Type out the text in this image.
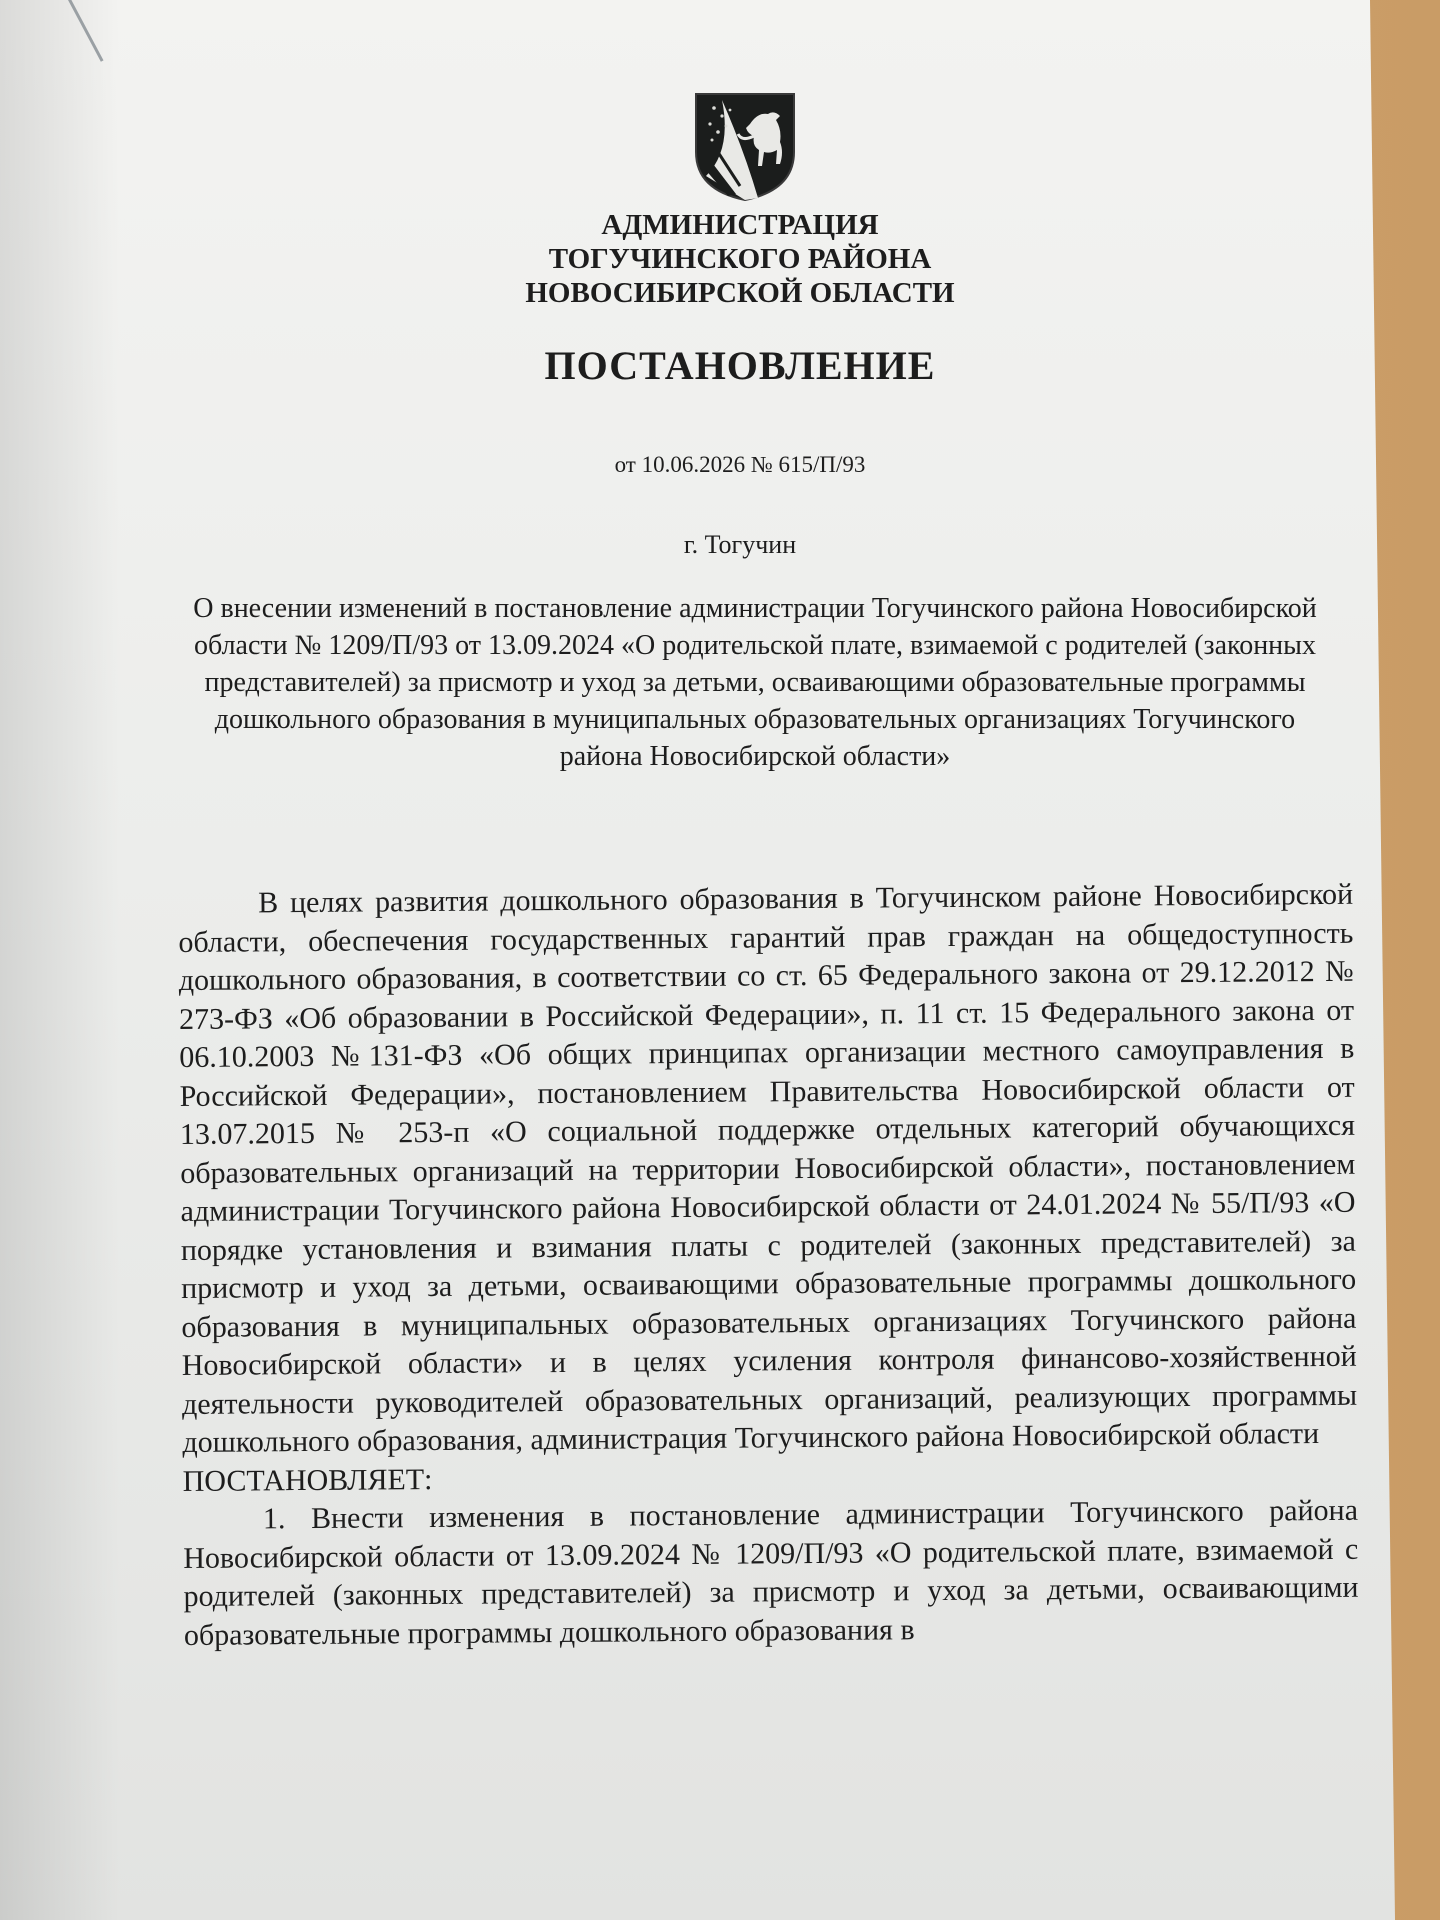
АДМИНИСТРАЦИЯ
ТОГУЧИНСКОГО РАЙОНА
НОВОСИБИРСКОЙ ОБЛАСТИ
ПОСТАНОВЛЕНИЕ
от 10.06.2026 № 615/П/93
г. Тогучин
О внесении изменений в постановление администрации Тогучинского района Новосибирской области № 1209/П/93 от 13.09.2024 «О родительской плате, взимаемой с родителей (законных представителей) за присмотр и уход за детьми, осваивающими образовательные программы дошкольного образования в муниципальных образовательных организациях Тогучинского района Новосибирской области»

В целях развития дошкольного образования в Тогучинском районе Новосибирской области, обеспечения государственных гарантий прав граждан на общедоступность дошкольного образования, в соответствии со ст. 65 Федерального закона от 29.12.2012 № 273-ФЗ «Об образовании в Российской Федерации», п. 11 ст. 15 Федерального закона от 06.10.2003 №131-ФЗ «Об общих принципах организации местного самоуправления в Российской Федерации», постановлением Правительства Новосибирской области от 13.07.2015 № 253-п «О социальной поддержке отдельных категорий обучающихся образовательных организаций на территории Новосибирской области», постановлением администрации Тогучинского района Новосибирской области от 24.01.2024 № 55/П/93 «О порядке установления и взимания платы с родителей (законных представителей) за присмотр и уход за детьми, осваивающими образовательные программы дошкольного образования в муниципальных образовательных организациях Тогучинского района Новосибирской области» и в целях усиления контроля финансово-хозяйственной деятельности руководителей образовательных организаций, реализующих программы дошкольного образования, администрация Тогучинского района Новосибирской области

ПОСТАНОВЛЯЕТ:

1. Внести изменения в постановление администрации Тогучинского района Новосибирской области от 13.09.2024 № 1209/П/93 «О родительской плате, взимаемой с родителей (законных представителей) за присмотр и уход за детьми, осваивающими образовательные программы дошкольного образования в
